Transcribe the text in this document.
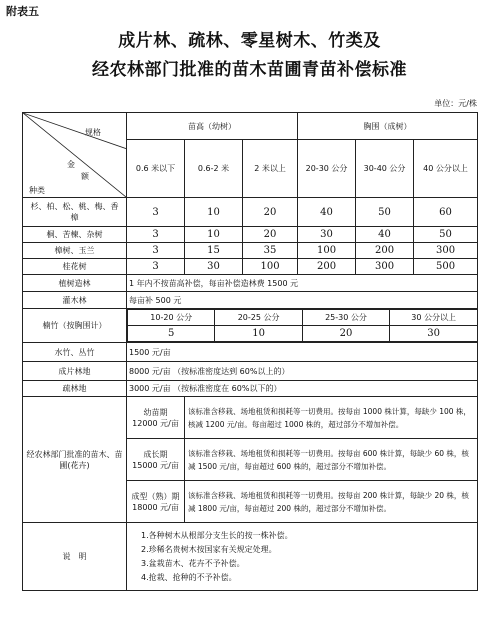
附表五
成片林、疏林、零星树木、竹类及
经农林部门批准的苗木苗圃青苗补偿标准
单位：元/株
规格
金
额
种类
	苗高（幼树）	胸围（成树）
0.6 米以下	0.6-2 米	2 米以上	20-30 公分	30-40 公分	40 公分以上
杉、柏、松、桃、梅、香樟	3	10	20	40	50	60
桐、苦楝、杂树	3	10	20	30	40	50
樟树、玉兰	3	15	35	100	200	300
桂花树	3	30	100	200	300	500
植树造林	1 年内不按苗高补偿，每亩补偿造林费 1500 元
灌木林	每亩补 500 元
楠竹（按胸围计）	
10-20 公分	20-25 公分	25-30 公分	30 公分以上
5	10	20	30

水竹、丛竹	1500 元/亩
成片林地	8000 元/亩 （按标准密度达到 60%以上的）
疏林地	3000 元/亩 （按标准密度在 60%以下的）
经农林部门批准的苗木、苗圃(花卉)	
幼苗期
12000 元/亩
	该标准含移栽、场地租赁和损耗等一切费用。按每亩 1000 株计算，每缺少 100 株，核减 1200 元/亩。每亩超过 1000 株的，超过部分不增加补偿。

成长期
15000 元/亩
	该标准含移栽、场地租赁和损耗等一切费用。按每亩 600 株计算，每缺少 60 株，核减 1500 元/亩，每亩超过 600 株的，超过部分不增加补偿。

成型（熟）期
18000 元/亩
	该标准含移栽、场地租赁和损耗等一切费用。按每亩 200 株计算，每缺少 20 株，核减 1800 元/亩，每亩超过 200 株的，超过部分不增加补偿。
说　明	
1.各种树木从根部分支生长的按一株补偿。
2.珍稀名贵树木按国家有关规定处理。
3.盆栽苗木、花卉不予补偿。
4.抢栽、抢种的不予补偿。
